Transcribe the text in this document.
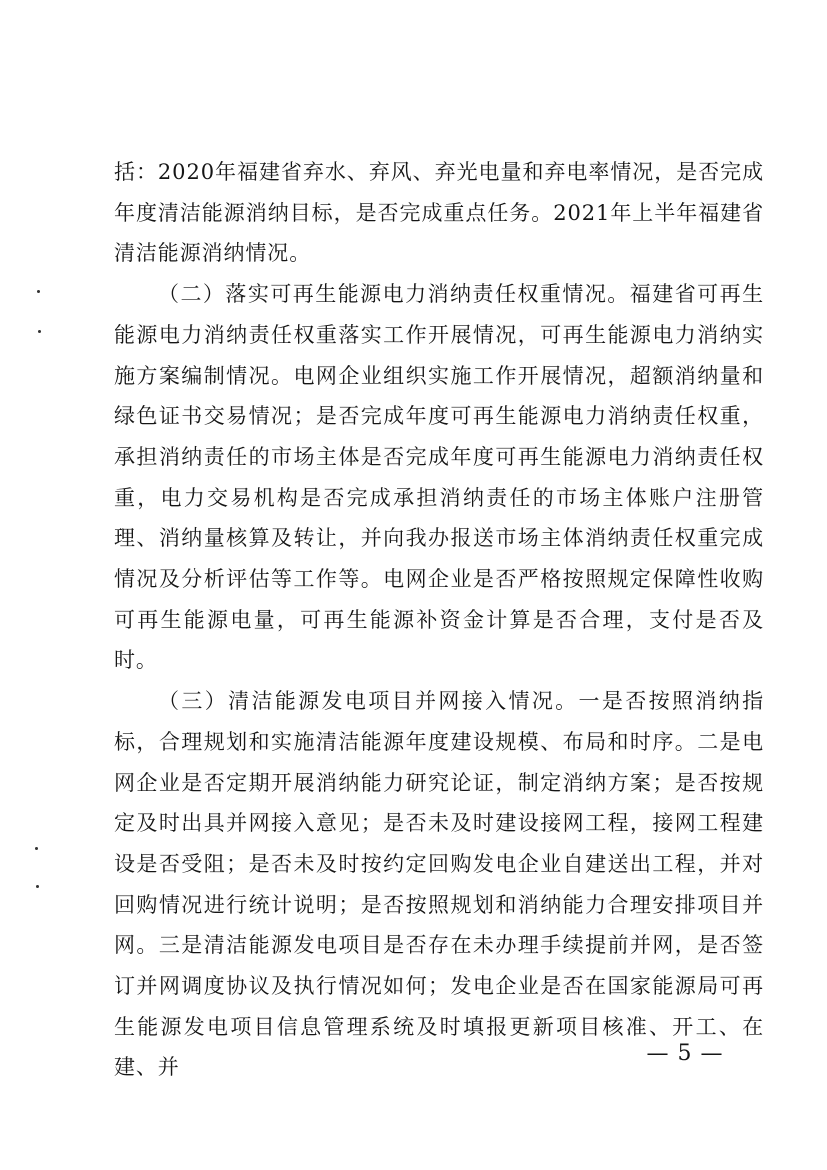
括：2020年福建省弃水、弃风、弃光电量和弃电率情况，是否完成年度清洁能源消纳目标，是否完成重点任务。2021年上半年福建省清洁能源消纳情况。

（二）落实可再生能源电力消纳责任权重情况。福建省可再生能源电力消纳责任权重落实工作开展情况，可再生能源电力消纳实施方案编制情况。电网企业组织实施工作开展情况，超额消纳量和绿色证书交易情况；是否完成年度可再生能源电力消纳责任权重，承担消纳责任的市场主体是否完成年度可再生能源电力消纳责任权重，电力交易机构是否完成承担消纳责任的市场主体账户注册管理、消纳量核算及转让，并向我办报送市场主体消纳责任权重完成情况及分析评估等工作等。电网企业是否严格按照规定保障性收购可再生能源电量，可再生能源补资金计算是否合理，支付是否及时。

（三）清洁能源发电项目并网接入情况。一是否按照消纳指标，合理规划和实施清洁能源年度建设规模、布局和时序。二是电网企业是否定期开展消纳能力研究论证，制定消纳方案；是否按规定及时出具并网接入意见；是否未及时建设接网工程，接网工程建设是否受阻；是否未及时按约定回购发电企业自建送出工程，并对回购情况进行统计说明；是否按照规划和消纳能力合理安排项目并网。三是清洁能源发电项目是否存在未办理手续提前并网，是否签订并网调度协议及执行情况如何；发电企业是否在国家能源局可再生能源发电项目信息管理系统及时填报更新项目核准、开工、在建、并

— 5 —
